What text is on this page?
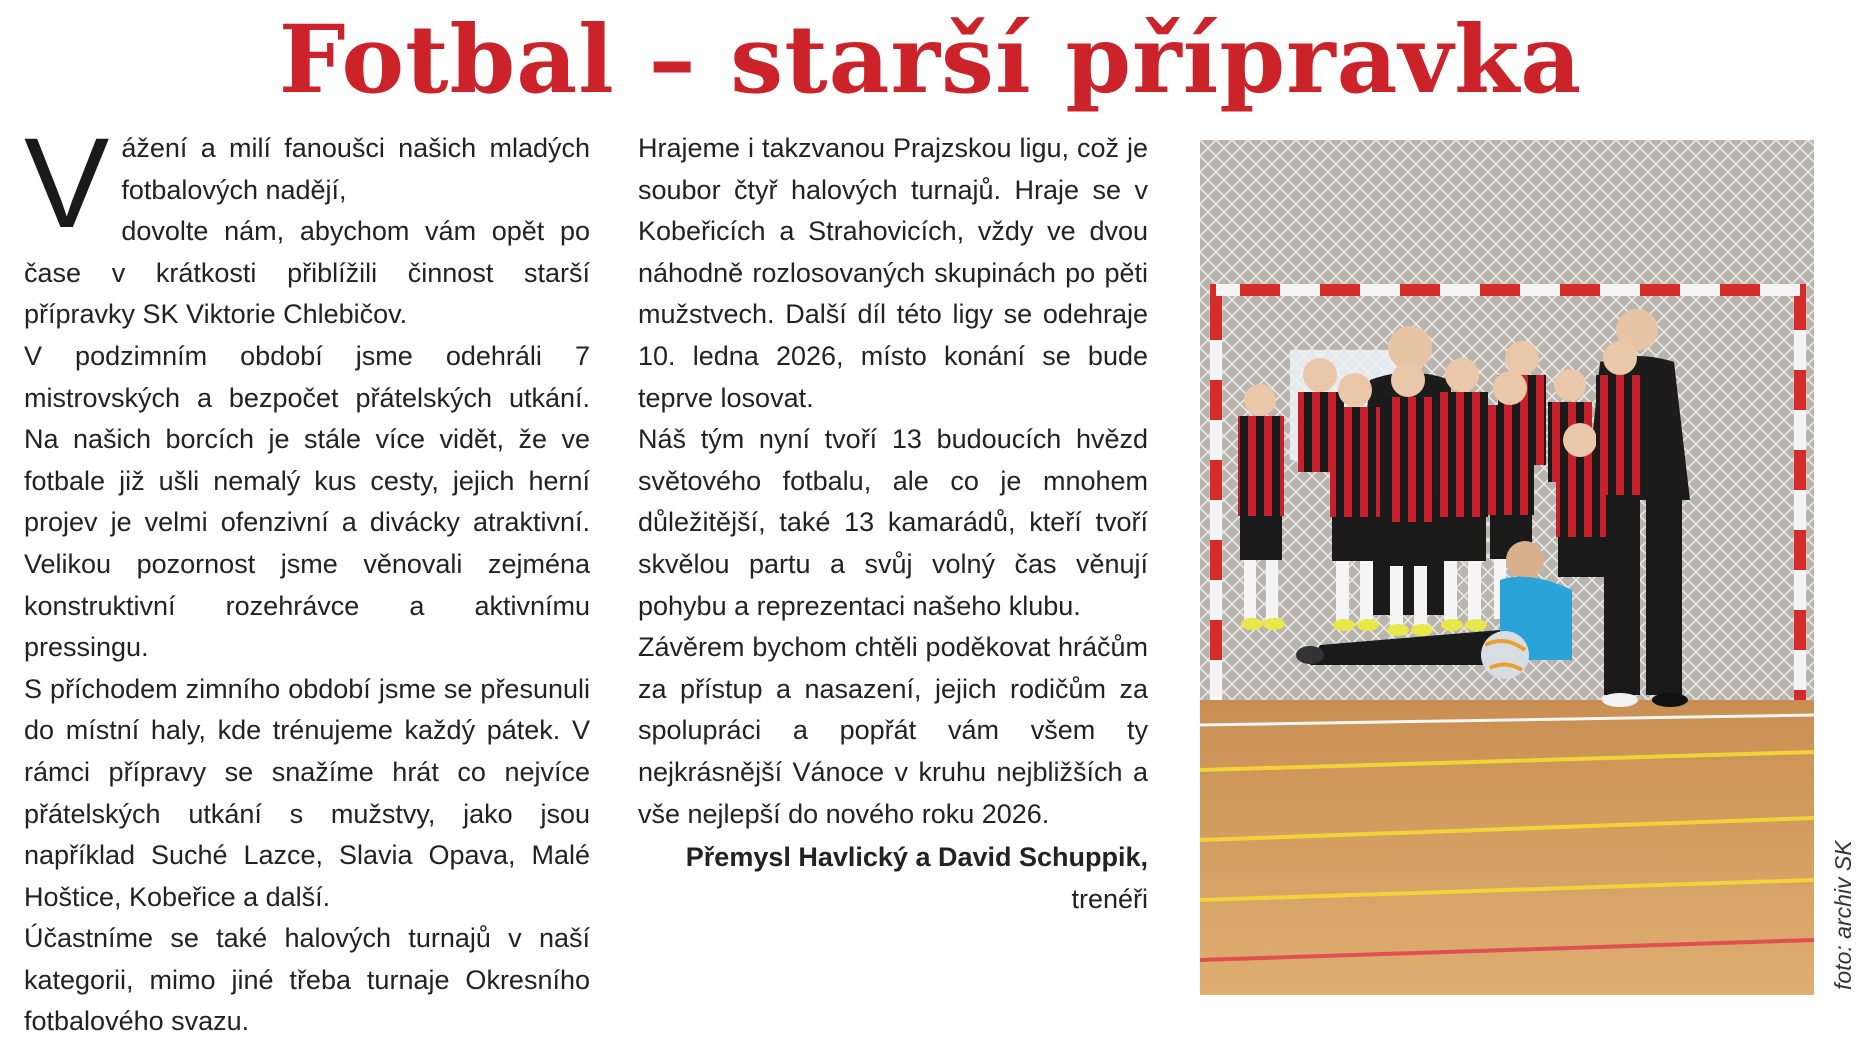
Fotbal – starší přípravka
V ážení a milí fanoušci našich mladých fotbalových nadějí,

dovolte nám, abychom vám opět po čase v krátkosti přiblížili činnost starší přípravky SK Viktorie Chlebičov.

V podzimním období jsme odehráli 7 mistrovských a bezpočet přátelských utkání. Na našich borcích je stále více vidět, že ve fotbale již ušli nemalý kus cesty, jejich herní projev je velmi ofenzivní a divácky atraktivní. Velikou pozornost jsme věnovali zejména konstruktivní rozehrávce a aktivnímu pressingu.

S příchodem zimního období jsme se přesunuli do místní haly, kde trénujeme každý pátek. V rámci přípravy se snažíme hrát co nejvíce přátelských utkání s mužstvy, jako jsou například Suché Lazce, Slavia Opava, Malé Hoštice, Kobeřice a další.

Účastníme se také halových turnajů v naší kategorii, mimo jiné třeba turnaje Okresního fotbalového svazu.

Hrajeme i takzvanou Prajzskou ligu, což je soubor čtyř halových turnajů. Hraje se v Kobeřicích a Strahovicích, vždy ve dvou náhodně rozlosovaných skupinách po pěti mužstvech. Další díl této ligy se odehraje 10. ledna 2026, místo konání se bude teprve losovat.

Náš tým nyní tvoří 13 budoucích hvězd světového fotbalu, ale co je mnohem důležitější, také 13 kamarádů, kteří tvoří skvělou partu a svůj volný čas věnují pohybu a reprezentaci našeho klubu.

Závěrem bychom chtěli poděkovat hráčům za přístup a nasazení, jejich rodičům za spolupráci a popřát vám všem ty nejkrásnější Vánoce v kruhu nejbližších a vše nejlepší do nového roku 2026.

Přemysl Havlický a David Schuppik,
trenéři	foto: archiv SK
